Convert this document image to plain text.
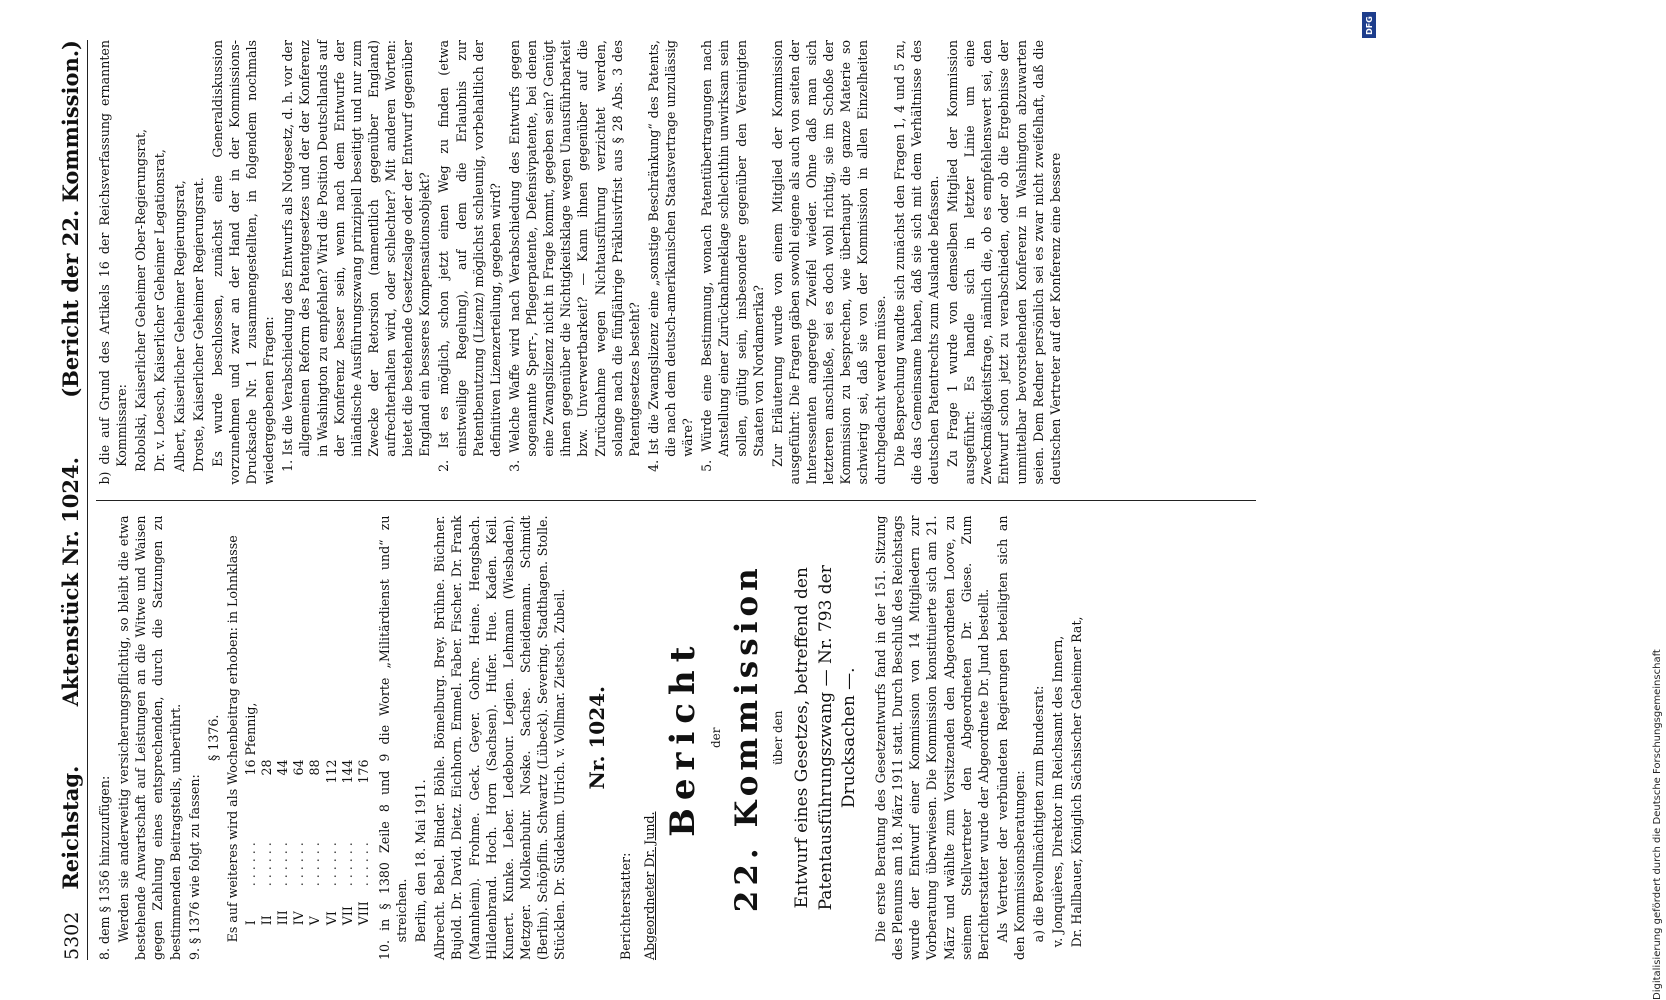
5302
Reichstag.
Aktenstück Nr. 1024.
(Bericht der 22. Kommission.)

8. dem § 1356 hinzuzufügen: Werden sie anderweitig versicherungspflichtig, so bleibt die etwa bestehende Anwartschaft auf Leistungen an die Witwe und Waisen gegen Zahlung eines entsprechenden, durch die Satzungen zu bestimmenden Beitragsteils, unberührt. 9. § 1376 wie folgt zu fassen:

§ 1376. Es auf weiteres wird als Wochenbeitrag erhoben: in Lohnklasse I	. . . . . .	16	Pfennig,
II	. . . . . .	28	
III	. . . . . .	44	
IV	. . . . . .	64	
V	. . . . . .	88	
VI	. . . . . .	112	
VII	. . . . . .	144	
VIII	. . . . . .	176	10. in § 1380 Zeile 8 und 9 die Worte „Militärdienst und“ zu streichen. Berlin, den 18. Mai 1911. Albrecht. Bebel. Binder. Böhle. Bömelburg. Brey. Brühne. Büchner. Bujold. Dr. David. Dietz. Eichhorn. Emmel. Faber. Fischer. Dr. Frank (Mannheim). Frohme. Geck. Geyer. Gohre. Heine. Hengsbach. Hildenbrand. Hoch. Horn (Sachsen). Hufer. Hue. Kaden. Keil. Kunert. Kunke. Leber. Ledebour. Legien. Lehmann (Wiesbaden). Metzger. Molkenbuhr. Noske. Sachse. Scheidemann. Schmidt (Berlin). Schöpflin. Schwartz (Lübeck). Severing. Stadthagen. Stolle. Stücklen. Dr. Südekum. Ulrich. v. Vollmar. Zietsch. Zubeil. Nr. 1024.
Berichterstatter: Abgeordneter Dr. Jund.
Bericht der 22. Kommission über den Entwurf eines Gesetzes, betreffend den Patentausführungszwang — Nr. 793 der Drucksachen —. Die erste Beratung des Gesetzentwurfs fand in der 151. Sitzung des Plenums am 18. März 1911 statt. Durch Beschluß des Reichstags wurde der Entwurf einer Kommission von 14 Mitgliedern zur Vorberatung überwiesen. Die Kommission konstituierte sich am 21. März und wählte zum Vorsitzenden den Abgeordneten Loove, zu seinem Stellvertreter den Abgeordneten Dr. Giese. Zum Berichterstatter wurde der Abgeordnete Dr. Jund bestellt. Als Vertreter der verbündeten Regierungen beteiligten sich an den Kommissionsberatungen: a) die Bevollmächtigten zum Bundesrat: v. Jonquières, Direktor im Reichsamt des Innern, Dr. Hallbauer, Königlich Sächsischer Geheimer Rat,

b) die auf Grund des Artikels 16 der Reichsverfassung ernannten Kommissare: Robolski, Kaiserlicher Geheimer Ober-Regierungsrat, Dr. v. Loesch, Kaiserlicher Geheimer Legationsrat, Albert, Kaiserlicher Geheimer Regierungsrat, Droste, Kaiserlicher Geheimer Regierungsrat. Es wurde beschlossen, zunächst eine Generaldiskussion vorzunehmen und zwar an der Hand der in der Kommissions-Drucksache Nr. 1 zusammengestellten, in folgendem nochmals wiedergegebenen Fragen: 1. Ist die Verabschiedung des Entwurfs als Notgesetz, d. h. vor der allgemeinen Reform des Patentgesetzes und der der Konferenz in Washington zu empfehlen? Wird die Position Deutschlands auf der Konferenz besser sein, wenn nach dem Entwurfe der inländische Ausführungszwang prinzipiell beseitigt und nur zum Zwecke der Retorsion (namentlich gegenüber England) aufrechterhalten wird, oder schlechter? Mit anderen Worten: bietet die bestehende Gesetzeslage oder der Entwurf gegenüber England ein besseres Kompensationsobjekt? 2. Ist es möglich, schon jetzt einen Weg zu finden (etwa einstweilige Regelung), auf dem die Erlaubnis zur Patentbenutzung (Lizenz) möglichst schleunig, vorbehaltlich der definitiven Lizenzerteilung, gegeben wird? 3. Welche Waffe wird nach Verabschiedung des Entwurfs gegen sogenannte Sperr-, Pflegerpatente, Defensivpatente, bei denen eine Zwangslizenz nicht in Frage kommt, gegeben sein? Genügt ihnen gegenüber die Nichtigkeitsklage wegen Unausführbarkeit bzw. Unverwertbarkeit? — Kann ihnen gegenüber auf die Zurücknahme wegen Nichtausführung verzichtet werden, solange nach die fünfjährige Präklusivfrist aus § 28 Abs. 3 des Patentgesetzes besteht? 4. Ist die Zwangslizenz eine „sonstige Beschränkung“ des Patents, die nach dem deutsch-amerikanischen Staatsvertrage unzulässig wäre? 5. Würde eine Bestimmung, wonach Patentübertragungen nach Anstellung einer Zurücknahmeklage schlechthin unwirksam sein sollen, gültig sein, insbesondere gegenüber den Vereinigten Staaten von Nordamerika? Zur Erläuterung wurde von einem Mitglied der Kommission ausgeführt: Die Fragen gäben sowohl eigene als auch von seiten der Interessenten angeregte Zweifel wieder. Ohne daß man sich letzteren anschließe, sei es doch wohl richtig, sie im Schoße der Kommission zu besprechen, wie überhaupt die ganze Materie so schwierig sei, daß sie von der Kommission in allen Einzelheiten durchgedacht werden müsse. Die Besprechung wandte sich zunächst den Fragen 1, 4 und 5 zu, die das Gemeinsame haben, daß sie sich mit dem Verhältnisse des deutschen Patentrechts zum Auslande befassen. Zu Frage 1 wurde von demselben Mitglied der Kommission ausgeführt: Es handle sich in letzter Linie um eine Zweckmäßigkeitsfrage, nämlich die, ob es empfehlenswert sei, den Entwurf schon jetzt zu verabschieden, oder ob die Ergebnisse der unmittelbar bevorstehenden Konferenz in Washington abzuwarten seien. Dem Redner persönlich sei es zwar nicht zweifelhaft, daß die deutschen Vertreter auf der Konferenz eine bessere

DFG
Digitalisierung gefördert durch die Deutsche Forschungsgemeinschaft
